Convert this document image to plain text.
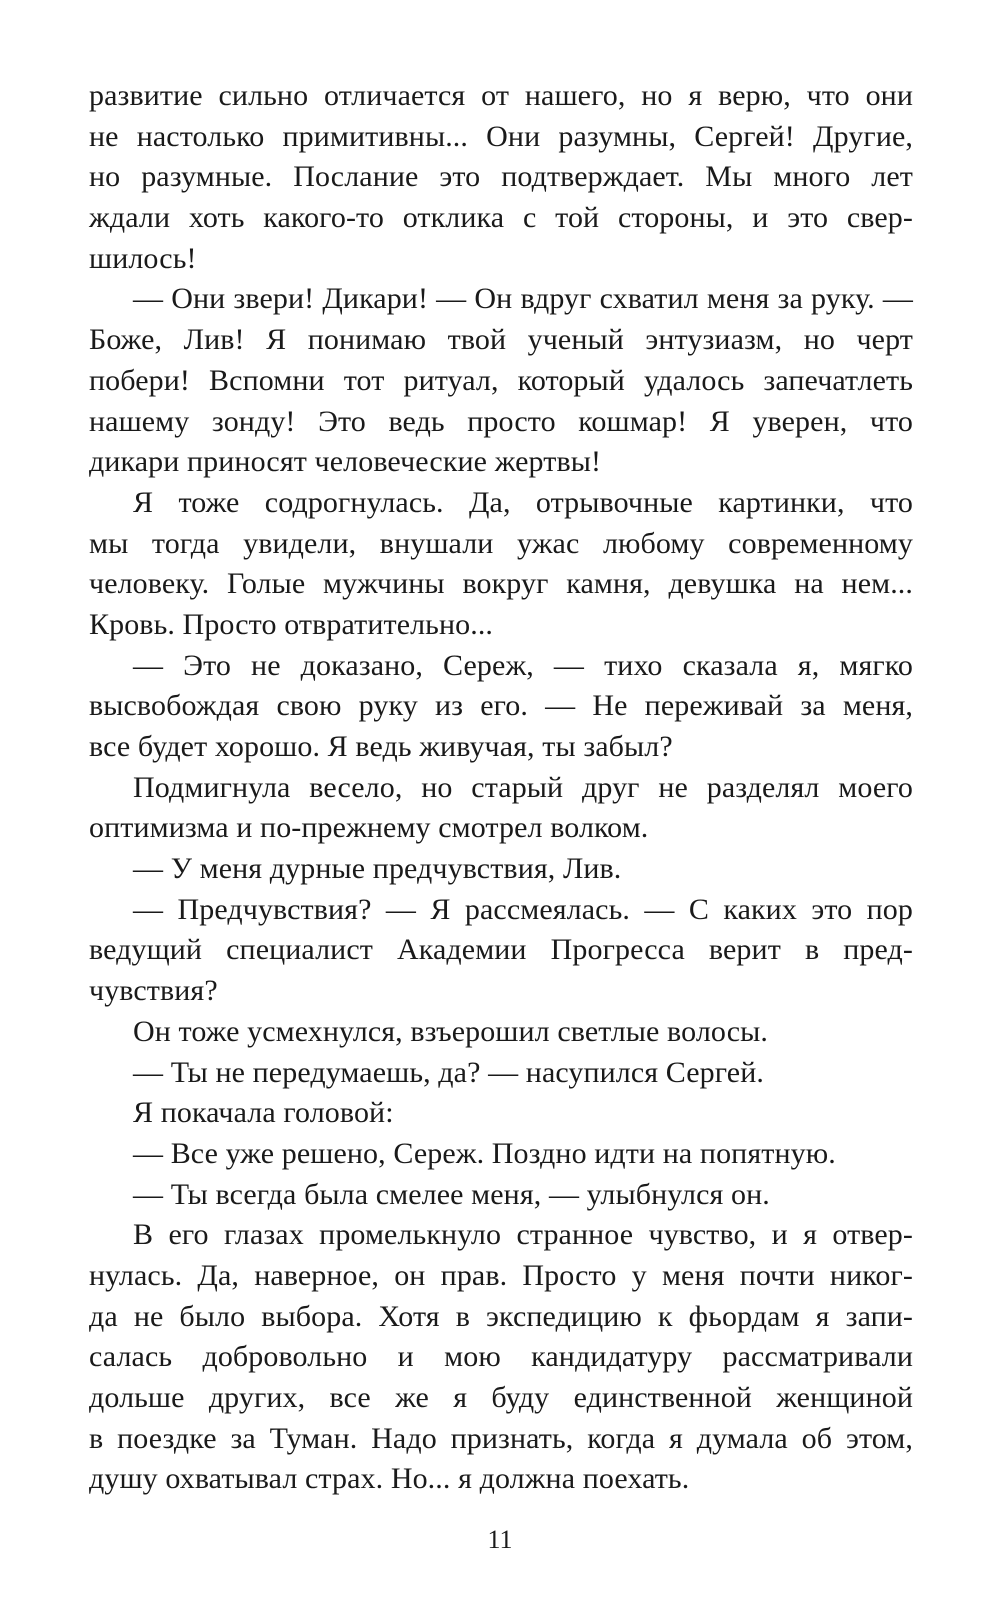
развитие сильно отличается от нашего, но я верю, что они
не настолько примитивны... Они разумны, Сергей! Другие,
но разумные. Послание это подтверждает. Мы много лет
ждали хоть какого-то отклика с той стороны, и это свер-
шилось!
— Они звери! Дикари! — Он вдруг схватил меня за руку. —
Боже, Лив! Я понимаю твой ученый энтузиазм, но черт
побери! Вспомни тот ритуал, который удалось запечатлеть
нашему зонду! Это ведь просто кошмар! Я уверен, что
дикари приносят человеческие жертвы!
Я тоже содрогнулась. Да, отрывочные картинки, что
мы тогда увидели, внушали ужас любому современному
человеку. Голые мужчины вокруг камня, девушка на нем...
Кровь. Просто отвратительно...
— Это не доказано, Сереж, — тихо сказала я, мягко
высвобождая свою руку из его. — Не переживай за меня,
все будет хорошо. Я ведь живучая, ты забыл?
Подмигнула весело, но старый друг не разделял моего
оптимизма и по-прежнему смотрел волком.
— У меня дурные предчувствия, Лив.
— Предчувствия? — Я рассмеялась. — С каких это пор
ведущий специалист Академии Прогресса верит в пред-
чувствия?
Он тоже усмехнулся, взъерошил светлые волосы.
— Ты не передумаешь, да? — насупился Сергей.
Я покачала головой:
— Все уже решено, Сереж. Поздно идти на попятную.
— Ты всегда была смелее меня, — улыбнулся он.
В его глазах промелькнуло странное чувство, и я отвер-
нулась. Да, наверное, он прав. Просто у меня почти никог-
да не было выбора. Хотя в экспедицию к фьордам я запи-
салась добровольно и мою кандидатуру рассматривали
дольше других, все же я буду единственной женщиной
в поездке за Туман. Надо признать, когда я думала об этом,
душу охватывал страх. Но... я должна поехать.
11
